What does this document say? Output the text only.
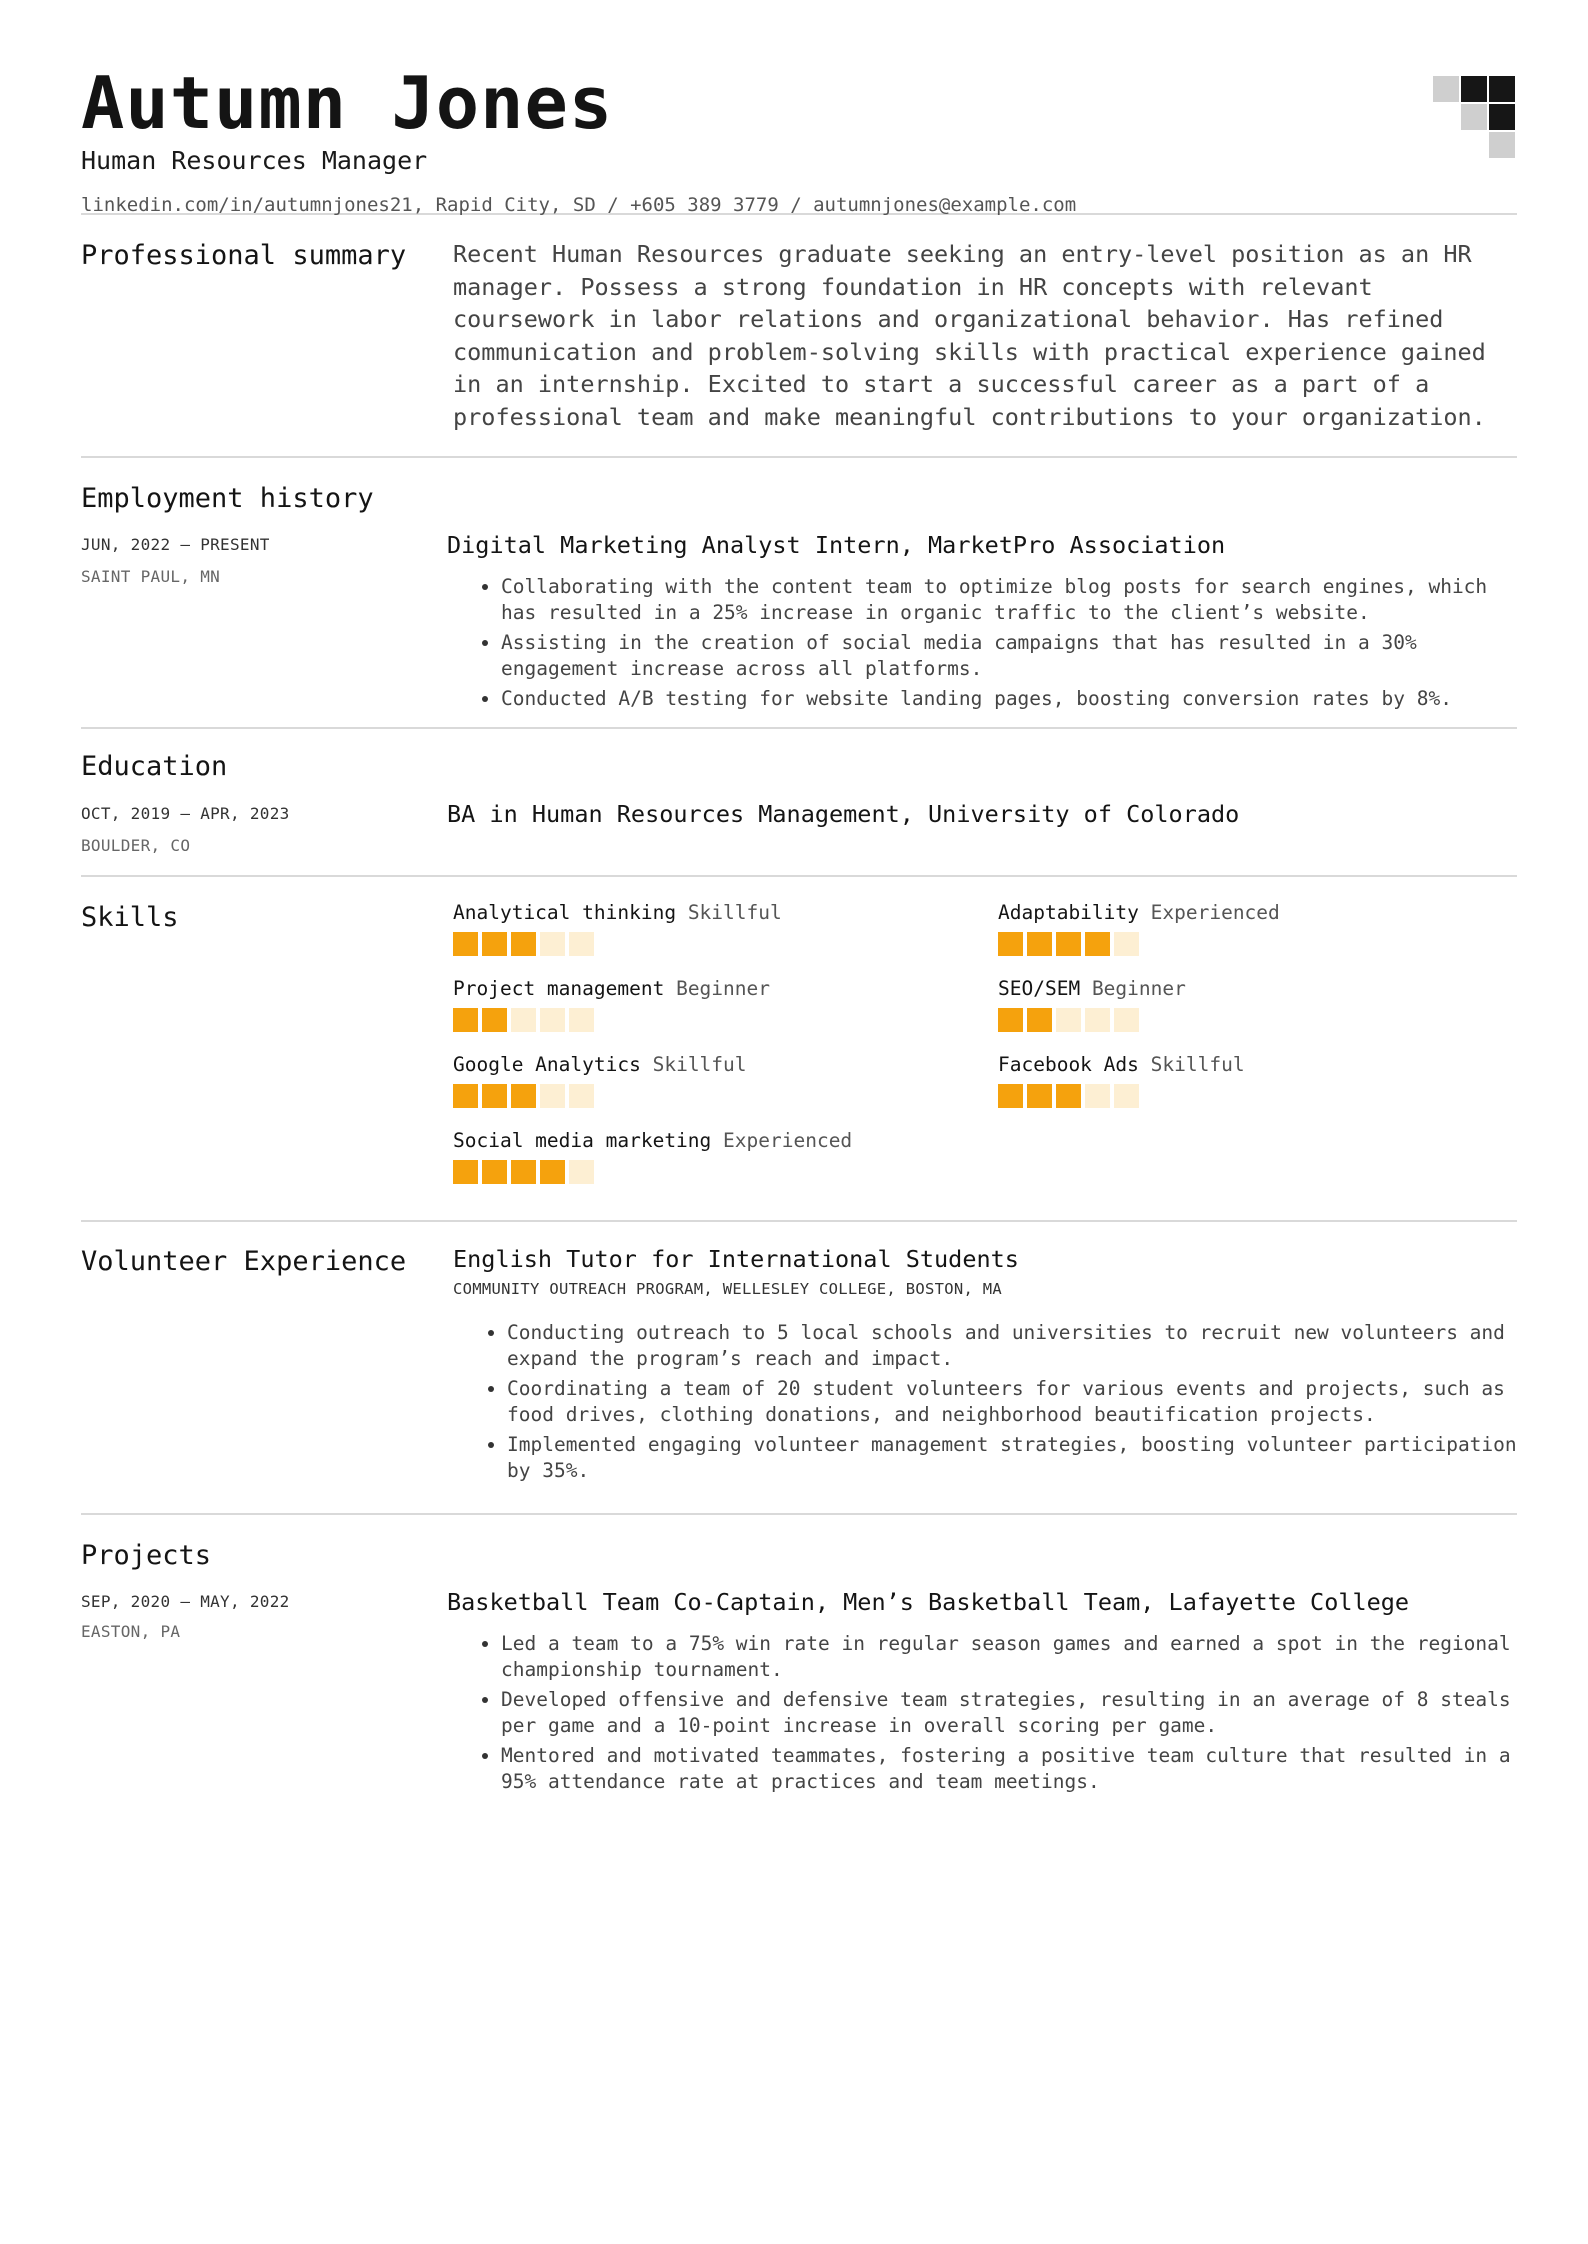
Autumn Jones
Human Resources Manager
linkedin.com/in/autumnjones21, Rapid City, SD / +605 389 3779 / autumnjones@example.com
Professional summary	Recent Human Resources graduate seeking an entry-level position as an HR manager. Possess a strong foundation in HR concepts with relevant coursework in labor relations and organizational behavior. Has refined communication and problem-solving skills with practical experience gained in an internship. Excited to start a successful career as a part of a professional team and make meaningful contributions to your organization.
Employment history
JUN, 2022 — PRESENT
SAINT PAUL, MN
Digital Marketing Analyst Intern, MarketPro Association
• Collaborating with the content team to optimize blog posts for search engines, which has resulted in a 25% increase in organic traffic to the client’s website.
• Assisting in the creation of social media campaigns that has resulted in a 30% engagement increase across all platforms.
• Conducted A/B testing for website landing pages, boosting conversion rates by 8%.
Education
OCT, 2019 — APR, 2023
BOULDER, CO
BA in Human Resources Management, University of Colorado
Skills	Analytical thinking Skillful	Adaptability Experienced
Project management Beginner	SEO/SEM Beginner
Google Analytics Skillful	Facebook Ads Skillful
Social media marketing Experienced
Volunteer Experience	English Tutor for International Students
COMMUNITY OUTREACH PROGRAM, WELLESLEY COLLEGE, BOSTON, MA
• Conducting outreach to 5 local schools and universities to recruit new volunteers and expand the program’s reach and impact.
• Coordinating a team of 20 student volunteers for various events and projects, such as food drives, clothing donations, and neighborhood beautification projects.
• Implemented engaging volunteer management strategies, boosting volunteer participation by 35%.
Projects
SEP, 2020 — MAY, 2022
EASTON, PA
Basketball Team Co-Captain, Men’s Basketball Team, Lafayette College
• Led a team to a 75% win rate in regular season games and earned a spot in the regional championship tournament.
• Developed offensive and defensive team strategies, resulting in an average of 8 steals per game and a 10-point increase in overall scoring per game.
• Mentored and motivated teammates, fostering a positive team culture that resulted in a 95% attendance rate at practices and team meetings.
